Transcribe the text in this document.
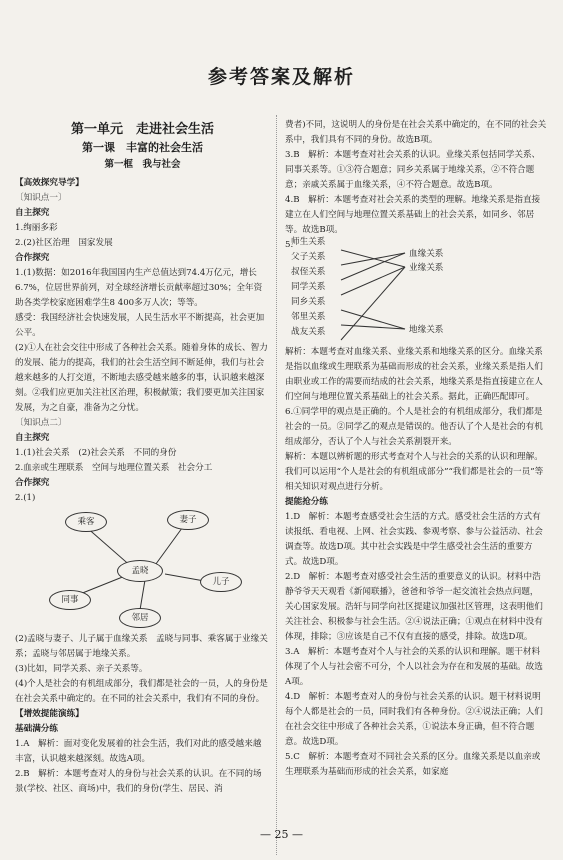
参考答案及解析
第一单元　走进社会生活
第一课　丰富的社会生活
第一框　我与社会

【高效探究导学】

〔知识点一〕

自主探究

1.绚丽多彩

2.(2)社区治理　国家发展

合作探究

1.(1)数据：如2016年我国国内生产总值达到74.4万亿元，增长6.7%，位居世界前列，对全球经济增长贡献率超过30%；全年资助各类学校家庭困难学生8 400多万人次；等等。

感受：我国经济社会快速发展，人民生活水平不断提高，社会更加公平。

(2)①人在社会交往中形成了各种社会关系。随着身体的成长、智力的发展、能力的提高，我们的社会生活空间不断延伸，我们与社会越来越多的人打交道，不断地去感受越来越多的事，认识越来越深刻。②我们应更加关注社区治理，积极献策；我们要更加关注国家发展，为之自豪，准备为之分忧。

〔知识点二〕

自主探究

1.(1)社会关系　(2)社会关系　不同的身份

2.血亲或生理联系　空间与地理位置关系　社会分工

合作探究

2.(1)

孟晓
乘客	妻子
儿子
邻居
同事

(2)孟晓与妻子、儿子属于血缘关系　孟晓与同事、乘客属于业缘关系；孟晓与邻居属于地缘关系。

(3)比如，同学关系、亲子关系等。

(4)个人是社会的有机组成部分，我们都是社会的一员，人的身份是在社会关系中确定的。在不同的社会关系中，我们有不同的身份。

【增效提能演练】

基础满分练

1.A　解析：面对变化发展着的社会生活，我们对此的感受越来越丰富，认识越来越深刻。故选A项。

2.B　解析：本题考查对人的身份与社会关系的认识。在不同的场景(学校、社区、商场)中，我们的身份(学生、居民、消

费者)不同，这说明人的身份是在社会关系中确定的，在不同的社会关系中，我们具有不同的身份。故选B项。

3.B　解析：本题考查对社会关系的认识。业缘关系包括同学关系、同事关系等。①③符合题意；同乡关系属于地缘关系，②不符合题意；亲戚关系属于血缘关系，④不符合题意。故选B项。

4.B　解析：本题考查对社会关系的类型的理解。地缘关系是指直接建立在人们空间与地理位置关系基础上的社会关系，如同乡、邻居等。故选B项。

5.

师生关系
父子关系
叔侄关系
同学关系
同乡关系
邻里关系
战友关系
血缘关系
业缘关系
地缘关系

解析：本题考查对血缘关系、业缘关系和地缘关系的区分。血缘关系是指以血缘或生理联系为基础而形成的社会关系，业缘关系是指人们由职业或工作的需要而结成的社会关系，地缘关系是指直接建立在人们空间与地理位置关系基础上的社会关系。据此，正确匹配即可。

6.①同学甲的观点是正确的。个人是社会的有机组成部分，我们都是社会的一员。②同学乙的观点是错误的。他否认了个人是社会的有机组成部分，否认了个人与社会关系割裂开来。

解析：本题以辨析题的形式考查对个人与社会的关系的认识和理解。我们可以运用“个人是社会的有机组成部分”“我们都是社会的一员”等相关知识对观点进行分析。

提能抢分练

1.D　解析：本题考查感受社会生活的方式。感受社会生活的方式有读报纸、看电视、上网、社会实践、参观考察、参与公益活动、社会调查等。故选D项。其中社会实践是中学生感受社会生活的重要方式。故选D项。

2.D　解析：本题考查对感受社会生活的重要意义的认识。材料中浩静爷爷天天观看《新闻联播》，爸爸和爷爷一起交流社会热点问题，关心国家发展。浩轩与同学向社区提建议加强社区管理，这表明他们关注社会、积极参与社会生活。②④说法正确；①观点在材料中没有体现，排除；③应该是自己不仅有直接的感受，排除。故选D项。

3.A　解析：本题考查对个人与社会的关系的认识和理解。题干材料体现了个人与社会密不可分，个人以社会为存在和发展的基础。故选A项。

4.D　解析：本题考查对人的身份与社会关系的认识。题干材料说明每个人都是社会的一员，同时我们有各种身份。②④说法正确；人们在社会交往中形成了各种社会关系，①说法本身正确，但不符合题意。故选D项。

5.C　解析：本题考查对不同社会关系的区分。血缘关系是以血亲或生理联系为基础而形成的社会关系，如家庭

— 25 —
